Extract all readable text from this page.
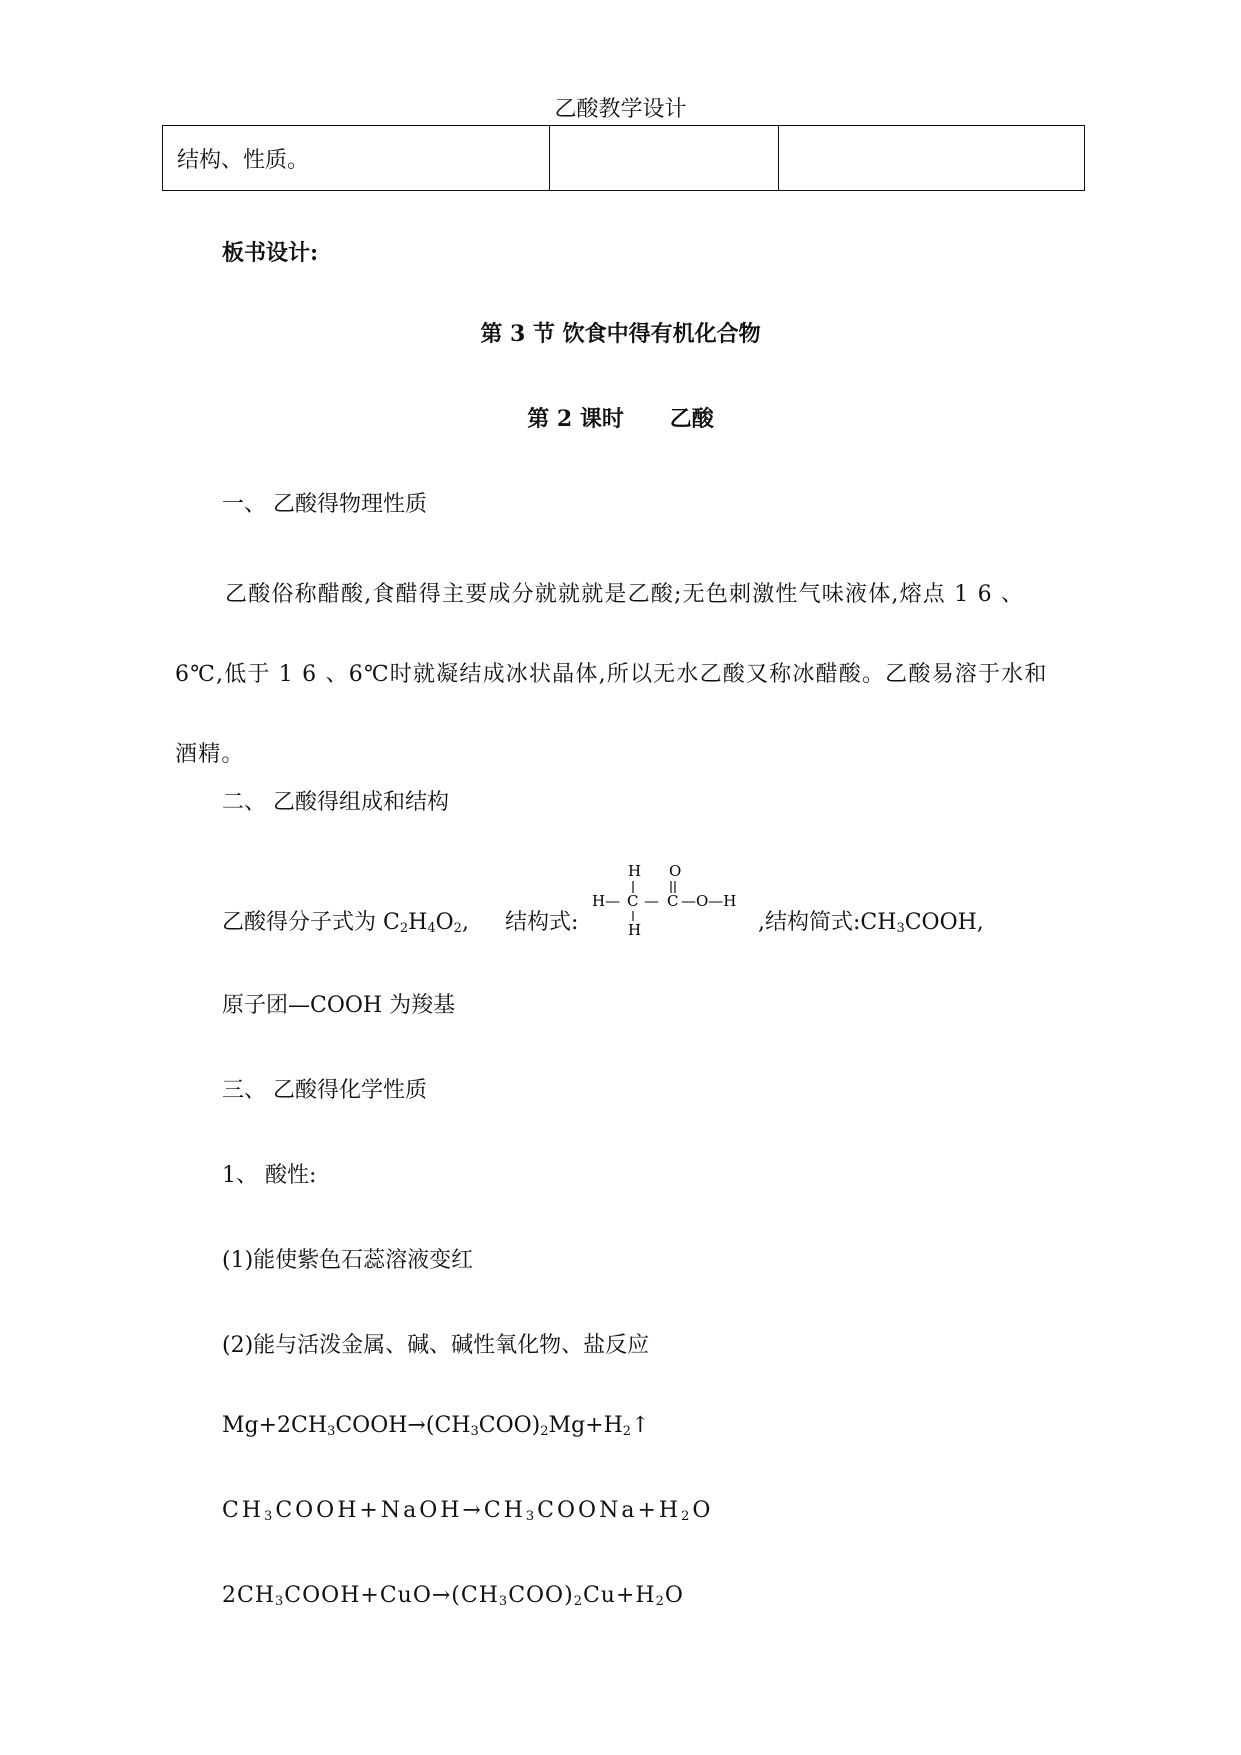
乙酸教学设计
结构、性质。		
板书设计:
第 3 节 饮食中得有机化合物
第 2 课时      乙酸
一、 乙酸得物理性质

乙酸俗称醋酸,食醋得主要成分就就就是乙酸;无色刺激性气味液体,熔点 1 6 、6℃,低于 1 6 、6℃时就凝结成冰状晶体,所以无水乙酸又称冰醋酸。乙酸易溶于水和酒精。

二、 乙酸得组成和结构
乙酸得分子式为 $C_2H_4O_2$, 结构式:
H O
H— C — C —O—H
H	,结构简式$:CH_3COOH$,
原子团—COOH 为羧基
三、 乙酸得化学性质
1、 酸性:
(1)能使紫色石蕊溶液变红
(2)能与活泼金属、碱、碱性氧化物、盐反应
$Mg+2CH_3COOH\to(CH_3COO)_2Mg+H_2↑$
$CH_3COOH+NaOH\to CH_3COONa+H_2O$
$2CH_3COOH+CuO\to(CH_3COO)_2Cu+H_2O$
